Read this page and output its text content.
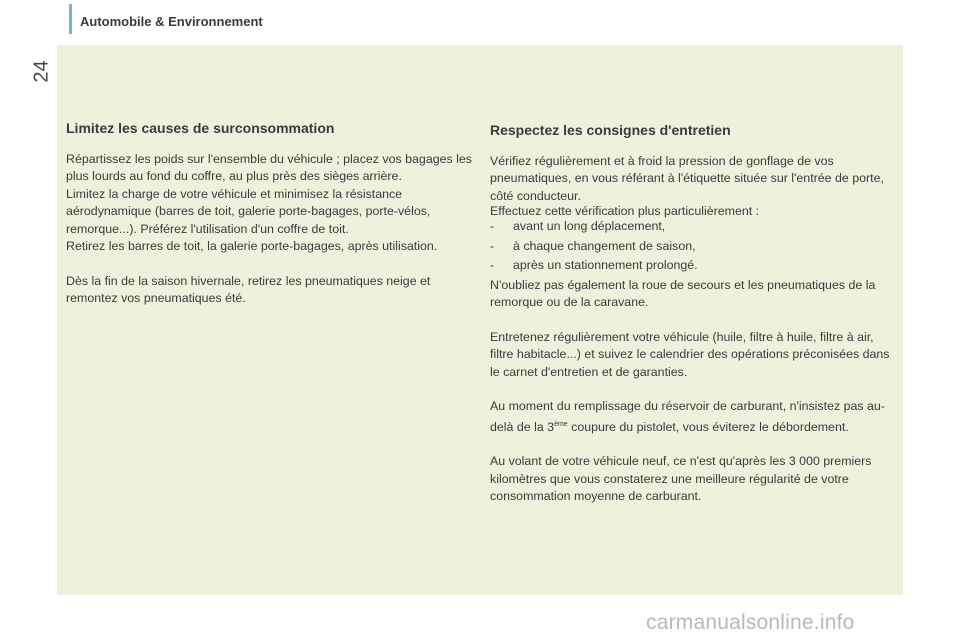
Automobile & Environnement
24
Limitez les causes de surconsommation

Répartissez les poids sur l'ensemble du véhicule ; placez vos bagages les plus lourds au fond du coffre, au plus près des sièges arrière.

Limitez la charge de votre véhicule et minimisez la résistance aérodynamique (barres de toit, galerie porte-bagages, porte-vélos, remorque...). Préférez l'utilisation d'un coffre de toit.

Retirez les barres de toit, la galerie porte-bagages, après utilisation.

Dès la fin de la saison hivernale, retirez les pneumatiques neige et remontez vos pneumatiques été.

Respectez les consignes d'entretien

Vérifiez régulièrement et à froid la pression de gonflage de vos pneumatiques, en vous référant à l'étiquette située sur l'entrée de porte, côté conducteur.

Effectuez cette vérification plus particulièrement :

- avant un long déplacement,
- à chaque changement de saison,
- après un stationnement prolongé.

N'oubliez pas également la roue de secours et les pneumatiques de la remorque ou de la caravane.

Entretenez régulièrement votre véhicule (huile, filtre à huile, filtre à air, filtre habitacle...) et suivez le calendrier des opérations préconisées dans le carnet d'entretien et de garanties.

Au moment du remplissage du réservoir de carburant, n'insistez pas au-delà de la 3ème coupure du pistolet, vous éviterez le débordement.

Au volant de votre véhicule neuf, ce n'est qu'après les 3 000 premiers kilomètres que vous constaterez une meilleure régularité de votre consommation moyenne de carburant.

carmanualsonline.info
